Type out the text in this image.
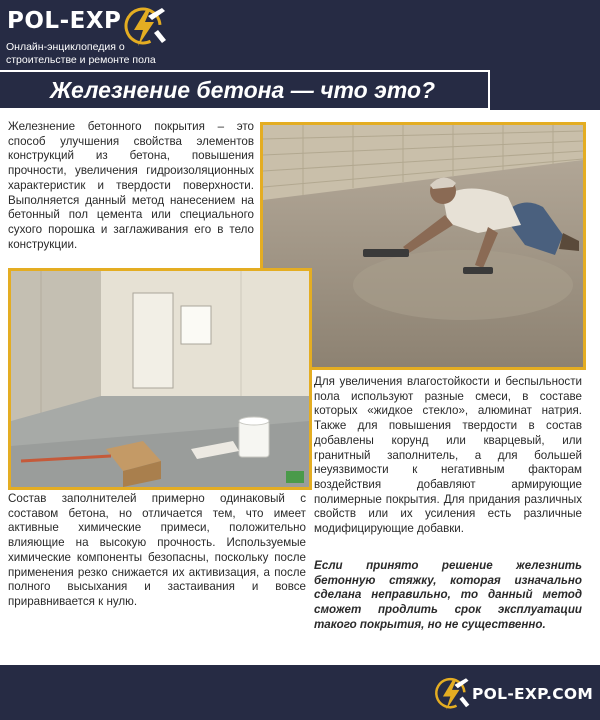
POL-EXP
Онлайн-энциклопедия о строительстве и ремонте пола
Железнение бетона — что это?

Железнение бетонного покрытия – это способ улучшения свойства элементов конструкций из бетона, повышения прочности, увеличения гидроизоляционных характеристик и твердости поверхности. Выполняется данный метод нанесением на бетонный пол цемента или специального сухого порошка и заглаживания его в тело конструкции.

Для увеличения влагостойкости и беспыльности пола используют разные смеси, в составе которых «жидкое стекло», алюминат натрия. Также для повышения твердости в состав добавлены корунд или кварцевый, или гранитный заполнитель, а для большей неуязвимости к негативным факторам воздействия добавляют армирующие полимерные покрытия. Для придания различных свойств или их усиления есть различные модифицирующие добавки.

Состав заполнителей примерно одинаковый с составом бетона, но отличается тем, что имеет активные химические примеси, положительно влияющие на высокую прочность. Используемые химические компоненты безопасны, поскольку после применения резко снижается их активизация, а после полного высыхания и застаивания и вовсе приравнивается к нулю.

Если принято решение железнить бетонную стяжку, которая изначально сделана неправильно, то данный метод сможет продлить срок эксплуатации такого покрытия, но не существенно.

POL-EXP.COM
